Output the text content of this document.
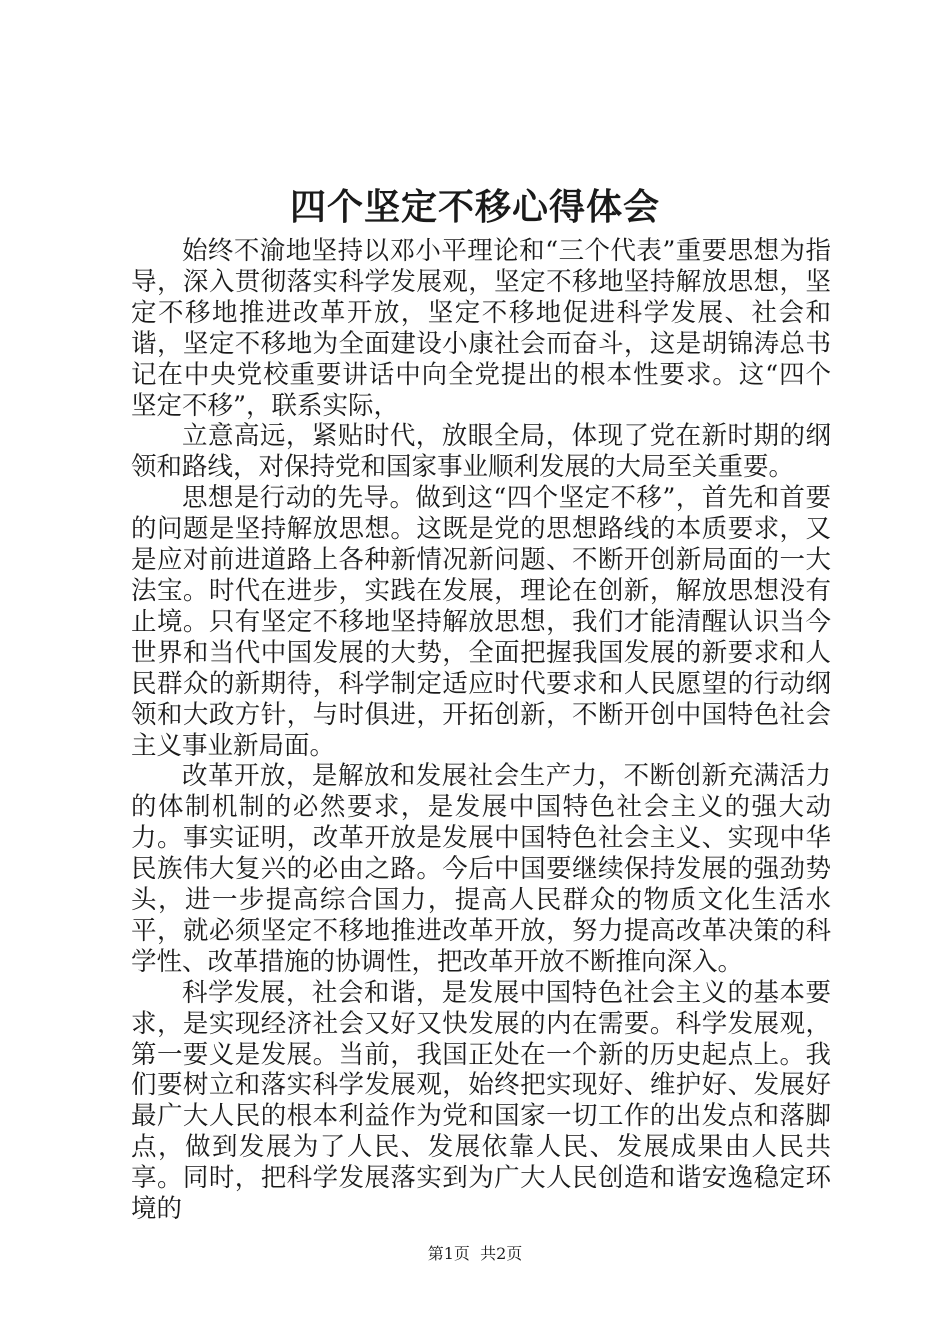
四个坚定不移心得体会

始终不渝地坚持以邓小平理论和“三个代表”重要思想为指导，深入贯彻落实科学发展观，坚定不移地坚持解放思想，坚定不移地推进改革开放，坚定不移地促进科学发展、社会和谐，坚定不移地为全面建设小康社会而奋斗，这是胡锦涛总书记在中央党校重要讲话中向全党提出的根本性要求。这“四个坚定不移”，联系实际，

立意高远，紧贴时代，放眼全局，体现了党在新时期的纲领和路线，对保持党和国家事业顺利发展的大局至关重要。

思想是行动的先导。做到这“四个坚定不移”，首先和首要的问题是坚持解放思想。这既是党的思想路线的本质要求，又是应对前进道路上各种新情况新问题、不断开创新局面的一大法宝。时代在进步，实践在发展，理论在创新，解放思想没有止境。只有坚定不移地坚持解放思想，我们才能清醒认识当今世界和当代中国发展的大势，全面把握我国发展的新要求和人民群众的新期待，科学制定适应时代要求和人民愿望的行动纲领和大政方针，与时俱进，开拓创新，不断开创中国特色社会主义事业新局面。

改革开放，是解放和发展社会生产力，不断创新充满活力的体制机制的必然要求，是发展中国特色社会主义的强大动力。事实证明，改革开放是发展中国特色社会主义、实现中华民族伟大复兴的必由之路。今后中国要继续保持发展的强劲势头，进一步提高综合国力，提高人民群众的物质文化生活水平，就必须坚定不移地推进改革开放，努力提高改革决策的科学性、改革措施的协调性，把改革开放不断推向深入。

科学发展，社会和谐，是发展中国特色社会主义的基本要求，是实现经济社会又好又快发展的内在需要。科学发展观，第一要义是发展。当前，我国正处在一个新的历史起点上。我们要树立和落实科学发展观，始终把实现好、维护好、发展好最广大人民的根本利益作为党和国家一切工作的出发点和落脚点，做到发展为了人民、发展依靠人民、发展成果由人民共享。同时，把科学发展落实到为广大人民创造和谐安逸稳定环境的

第1页  共2页
